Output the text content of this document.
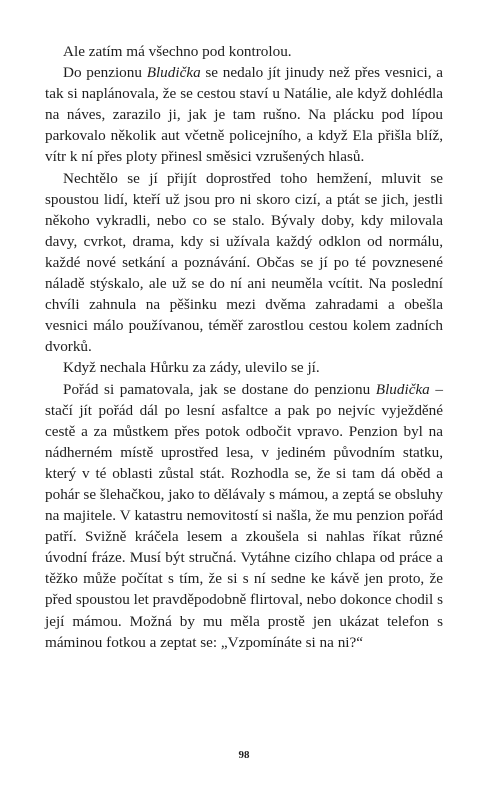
Ale zatím má všechno pod kontrolou.

Do penzionu Bludička se nedalo jít jinudy než přes vesnici, a tak si naplánovala, že se cestou staví u Natálie, ale když dohlédla na náves, zarazilo ji, jak je tam rušno. Na plácku pod lípou parkovalo několik aut včetně policejního, a když Ela přišla blíž, vítr k ní přes ploty přinesl směsici vzrušených hlasů.

Nechtělo se jí přijít doprostřed toho hemžení, mluvit se spoustou lidí, kteří už jsou pro ni skoro cizí, a ptát se jich, jestli někoho vykradli, nebo co se stalo. Bývaly doby, kdy milovala davy, cvrkot, drama, kdy si užívala každý odklon od normálu, každé nové setkání a poznávání. Občas se jí po té povznesené náladě stýskalo, ale už se do ní ani neuměla vcítit. Na poslední chvíli zahnula na pěšinku mezi dvěma zahradami a obešla vesnici málo používanou, téměř zarostlou cestou kolem zadních dvorků.

Když nechala Hůrku za zády, ulevilo se jí.

Pořád si pamatovala, jak se dostane do penzionu Bludička – stačí jít pořád dál po lesní asfaltce a pak po nejvíc vyježděné cestě a za můstkem přes potok odbočit vpravo. Penzion byl na nádherném místě uprostřed lesa, v jediném původním statku, který v té oblasti zůstal stát. Rozhodla se, že si tam dá oběd a pohár se šlehačkou, jako to dělávaly s mámou, a zeptá se obsluhy na majitele. V katastru nemovitostí si našla, že mu penzion pořád patří. Svižně kráčela lesem a zkoušela si nahlas říkat různé úvodní fráze. Musí být stručná. Vytáhne cizího chlapa od práce a těžko může počítat s tím, že si s ní sedne ke kávě jen proto, že před spoustou let pravděpodobně flirtoval, nebo dokonce chodil s její mámou. Možná by mu měla prostě jen ukázat telefon s máminou fotkou a zeptat se: „Vzpomínáte si na ni?“

98
